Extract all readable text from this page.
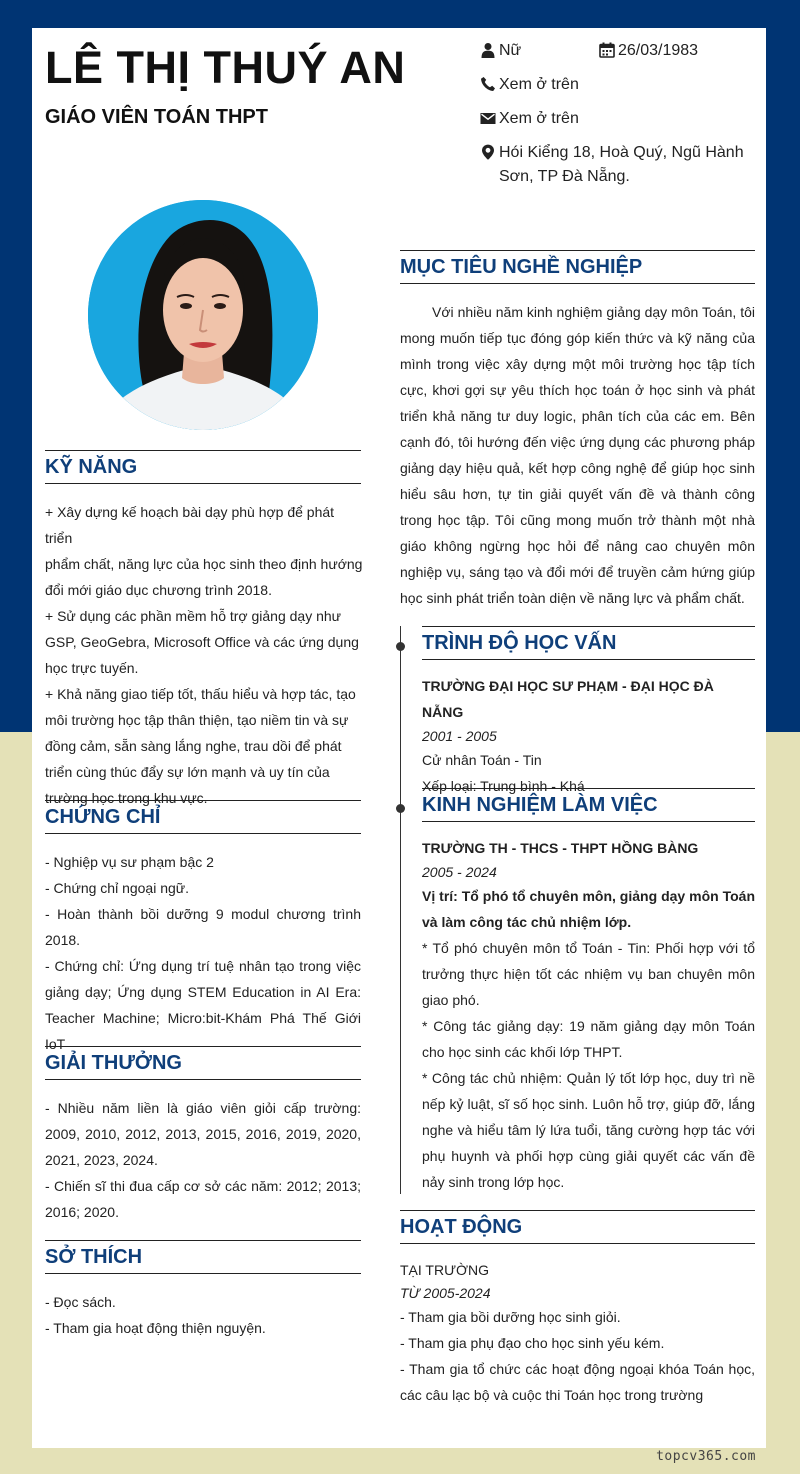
LÊ THỊ THUÝ AN
GIÁO VIÊN TOÁN THPT
Nữ	26/03/1983
Xem ở trên
Xem ở trên
Hói Kiểng 18, Hoà Quý, Ngũ Hành
Sơn, TP Đà Nẵng.
KỸ NĂNG

+ Xây dựng kế hoạch bài dạy phù hợp để phát triển
phẩm chất, năng lực của học sinh theo định hướng
đổi mới giáo dục chương trình 2018.

+ Sử dụng các phần mềm hỗ trợ giảng dạy như
GSP, GeoGebra, Microsoft Office và các ứng dụng
học trực tuyến.

+ Khả năng giao tiếp tốt, thấu hiểu và hợp tác, tạo
môi trường học tập thân thiện, tạo niềm tin và sự
đồng cảm, sẵn sàng lắng nghe, trau dồi để phát
triển cùng thúc đẩy sự lớn mạnh và uy tín của
trường học trong khu vực.

CHỨNG CHỈ

- Nghiệp vụ sư phạm bậc 2

- Chứng chỉ ngoại ngữ.

- Hoàn thành bồi dưỡng 9 modul chương trình 2018.

- Chứng chỉ: Ứng dụng trí tuệ nhân tạo trong việc giảng dạy; Ứng dụng STEM Education in AI Era: Teacher Machine; Micro:bit-Khám Phá Thế Giới IoT

GIẢI THƯỞNG

- Nhiều năm liền là giáo viên giỏi cấp trường: 2009, 2010, 2012, 2013, 2015, 2016, 2019, 2020, 2021, 2023, 2024.

- Chiến sĩ thi đua cấp cơ sở các năm: 2012; 2013; 2016; 2020.

SỞ THÍCH

- Đọc sách.

- Tham gia hoạt động thiện nguyện.

MỤC TIÊU NGHỀ NGHIỆP
Với nhiều năm kinh nghiệm giảng dạy môn Toán, tôi mong muốn tiếp tục đóng góp kiến thức và kỹ năng của mình trong việc xây dựng một môi trường học tập tích cực, khơi gợi sự yêu thích học toán ở học sinh và phát triển khả năng tư duy logic, phân tích của các em. Bên cạnh đó, tôi hướng đến việc ứng dụng các phương pháp giảng dạy hiệu quả, kết hợp công nghệ để giúp học sinh hiểu sâu hơn, tự tin giải quyết vấn đề và thành công trong học tập. Tôi cũng mong muốn trở thành một nhà giáo không ngừng học hỏi để nâng cao chuyên môn nghiệp vụ, sáng tạo và đổi mới để truyền cảm hứng giúp học sinh phát triển toàn diện về năng lực và phẩm chất.
TRÌNH ĐỘ HỌC VẤN

TRƯỜNG ĐẠI HỌC SƯ PHẠM - ĐẠI HỌC ĐÀ NẴNG

2001 - 2005

Cử nhân Toán - Tin

Xếp loại: Trung bình - Khá

KINH NGHIỆM LÀM VIỆC

TRƯỜNG TH - THCS - THPT HỒNG BÀNG

2005 - 2024

Vị trí: Tổ phó tổ chuyên môn, giảng dạy môn Toán và làm công tác chủ nhiệm lớp.

* Tổ phó chuyên môn tổ Toán - Tin: Phối hợp với tổ trưởng thực hiện tốt các nhiệm vụ ban chuyên môn giao phó.

* Công tác giảng dạy: 19 năm giảng dạy môn Toán cho học sinh các khối lớp THPT.

* Công tác chủ nhiệm: Quản lý tốt lớp học, duy trì nề nếp kỷ luật, sĩ số học sinh. Luôn hỗ trợ, giúp đỡ, lắng nghe và hiểu tâm lý lứa tuổi, tăng cường hợp tác với phụ huynh và phối hợp cùng giải quyết các vấn đề nảy sinh trong lớp học.

HOẠT ĐỘNG

TẠI TRƯỜNG

TỪ 2005-2024

- Tham gia bồi dưỡng học sinh giỏi.

- Tham gia phụ đạo cho học sinh yếu kém.

- Tham gia tổ chức các hoạt động ngoại khóa Toán học, các câu lạc bộ và cuộc thi Toán học trong trường

topcv365.com
